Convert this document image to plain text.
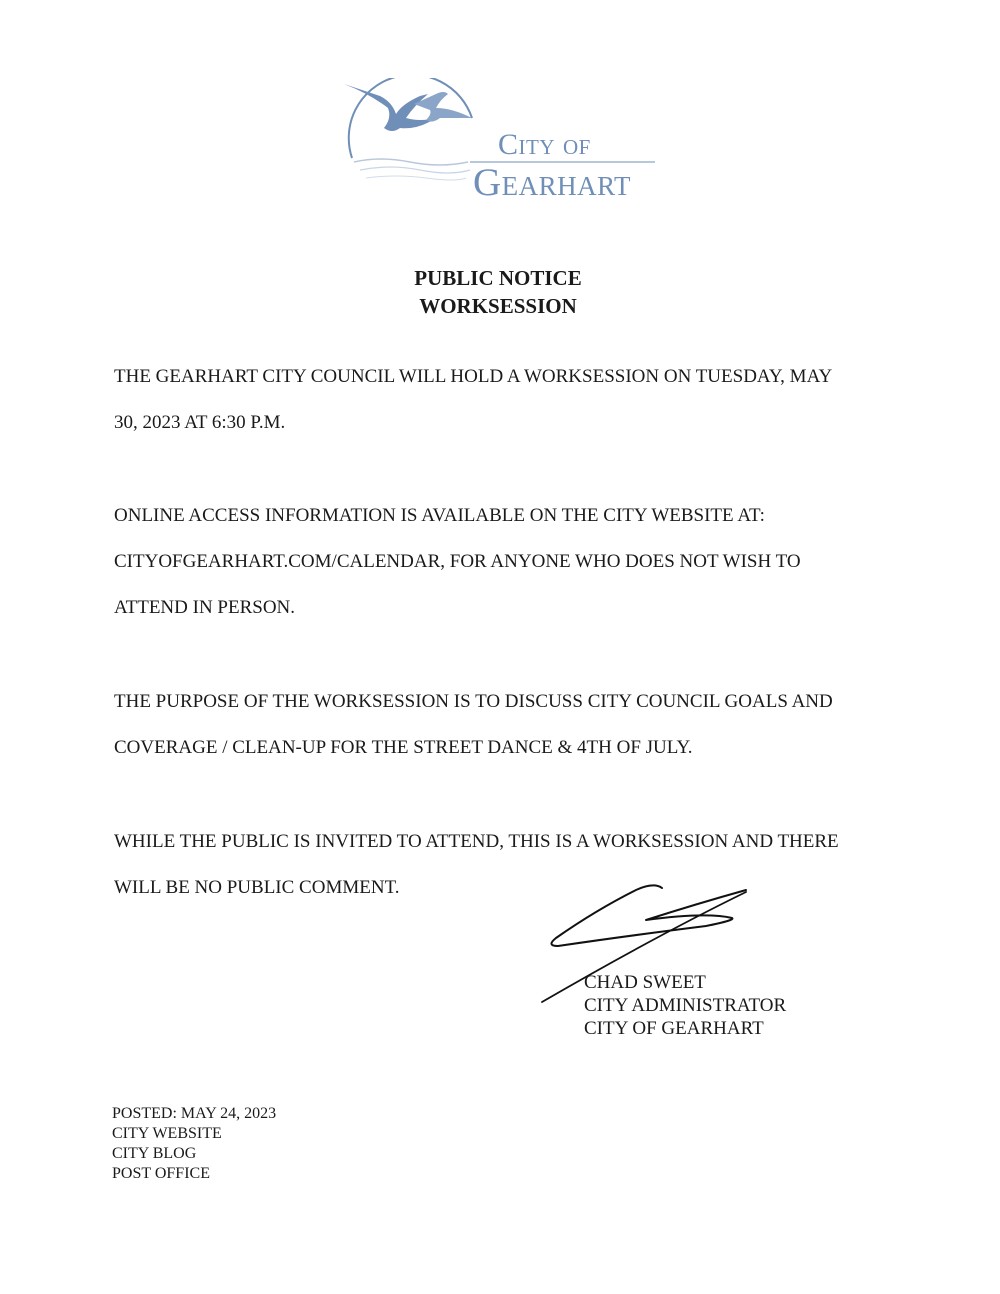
City of
Gearhart
PUBLIC NOTICE
WORKSESSION

THE GEARHART CITY COUNCIL WILL HOLD A WORKSESSION ON TUESDAY, MAY
30, 2023 AT 6:30 P.M.

ONLINE ACCESS INFORMATION IS AVAILABLE ON THE CITY WEBSITE AT:
CITYOFGEARHART.COM/CALENDAR, FOR ANYONE WHO DOES NOT WISH TO
ATTEND IN PERSON.

THE PURPOSE OF THE WORKSESSION IS TO DISCUSS CITY COUNCIL GOALS AND
COVERAGE / CLEAN-UP FOR THE STREET DANCE & 4TH OF JULY.

WHILE THE PUBLIC IS INVITED TO ATTEND, THIS IS A WORKSESSION AND THERE
WILL BE NO PUBLIC COMMENT.

CHAD SWEET
CITY ADMINISTRATOR
CITY OF GEARHART
POSTED: MAY 24, 2023
CITY WEBSITE
CITY BLOG
POST OFFICE
